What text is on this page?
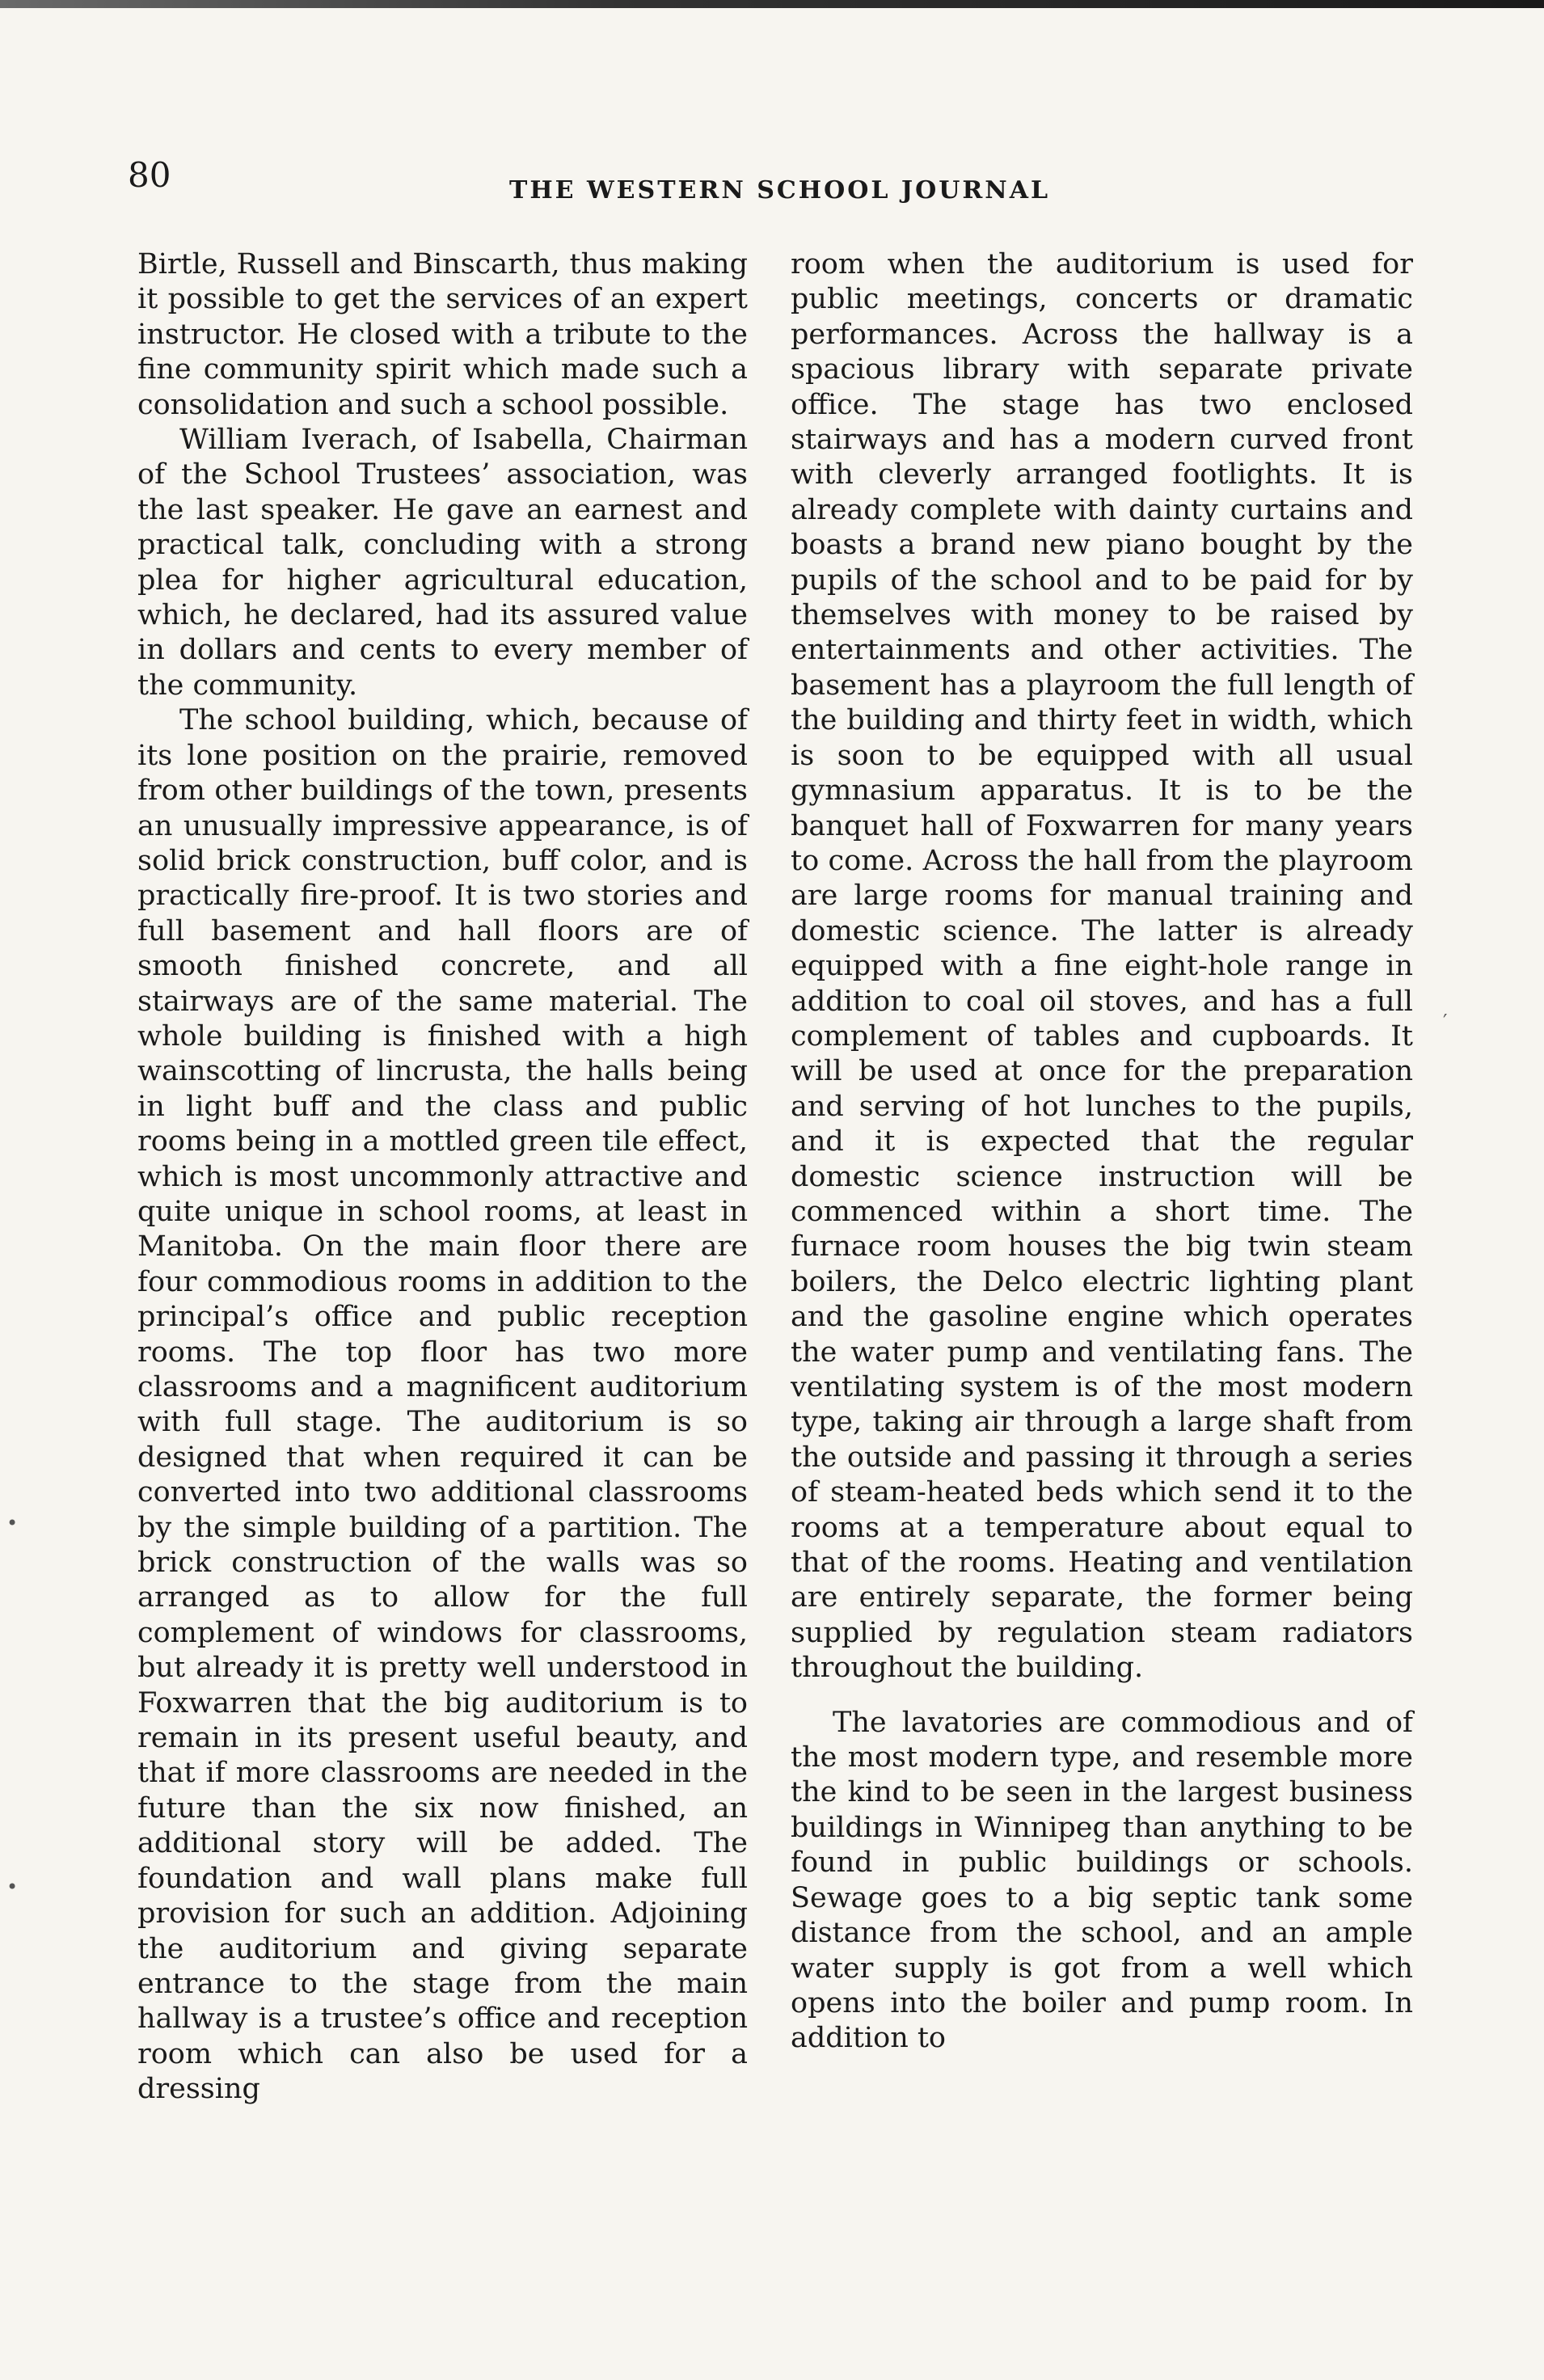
80	THE WESTERN SCHOOL JOURNAL

Birtle, Russell and Binscarth, thus making it possible to get the services of an expert instructor. He closed with a tribute to the fine community spirit which made such a consolidation and such a school possible.

William Iverach, of Isabella, Chairman of the School Trustees’ association, was the last speaker. He gave an earnest and practical talk, concluding with a strong plea for higher agricultural education, which, he declared, had its assured value in dollars and cents to every member of the community.

The school building, which, because of its lone position on the prairie, removed from other buildings of the town, presents an unusually impressive appearance, is of solid brick construction, buff color, and is practically fire-proof. It is two stories and full basement and hall floors are of smooth finished concrete, and all stairways are of the same material. The whole building is finished with a high wainscotting of lincrusta, the halls being in light buff and the class and public rooms being in a mottled green tile effect, which is most uncommonly attractive and quite unique in school rooms, at least in Manitoba. On the main floor there are four commodious rooms in addition to the principal’s office and public reception rooms. The top floor has two more classrooms and a magnificent auditorium with full stage. The auditorium is so designed that when required it can be converted into two additional classrooms by the simple building of a partition. The brick construction of the walls was so arranged as to allow for the full complement of windows for classrooms, but already it is pretty well understood in Foxwarren that the big auditorium is to remain in its present useful beauty, and that if more classrooms are needed in the future than the six now finished, an additional story will be added. The foundation and wall plans make full provision for such an addition. Adjoining the auditorium and giving separate entrance to the stage from the main hallway is a trustee’s office and reception room which can also be used for a dressing

room when the auditorium is used for public meetings, concerts or dramatic performances. Across the hallway is a spacious library with separate private office. The stage has two enclosed stairways and has a modern curved front with cleverly arranged footlights. It is already complete with dainty curtains and boasts a brand new piano bought by the pupils of the school and to be paid for by themselves with money to be raised by entertainments and other activities. The basement has a playroom the full length of the building and thirty feet in width, which is soon to be equipped with all usual gymnasium apparatus. It is to be the banquet hall of Foxwarren for many years to come. Across the hall from the playroom are large rooms for manual training and domestic science. The latter is already equipped with a fine eight-hole range in addition to coal oil stoves, and has a full complement of tables and cupboards. It will be used at once for the preparation and serving of hot lunches to the pupils, and it is expected that the regular domestic science instruction will be commenced within a short time. The furnace room houses the big twin steam boilers, the Delco electric lighting plant and the gasoline engine which operates the water pump and ventilating fans. The ventilating system is of the most modern type, taking air through a large shaft from the outside and passing it through a series of steam-heated beds which send it to the rooms at a temperature about equal to that of the rooms. Heating and ventilation are entirely separate, the former being supplied by regulation steam radiators throughout the building.

The lavatories are commodious and of the most modern type, and resemble more the kind to be seen in the largest business buildings in Winnipeg than anything to be found in public buildings or schools. Sewage goes to a big septic tank some distance from the school, and an ample water supply is got from a well which opens into the boiler and pump room. In addition to

•
•
′
